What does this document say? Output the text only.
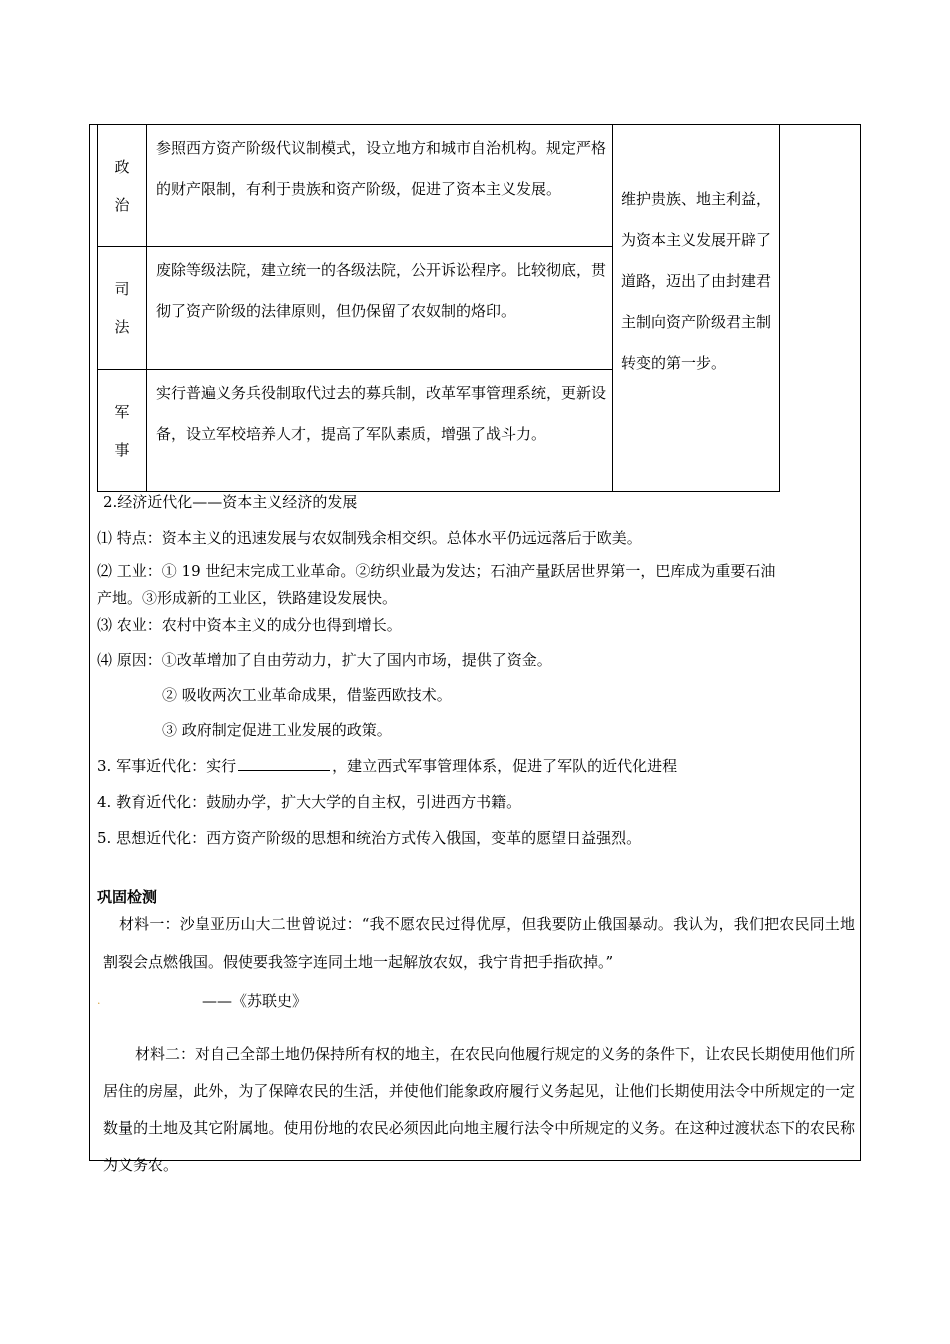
政
治	参照西方资产阶级代议制模式，设立地方和城市自治机构。规定严格的财产限制，有利于贵族和资产阶级，促进了资本主义发展。	维护贵族、地主利益，为资本主义发展开辟了道路，迈出了由封建君主制向资产阶级君主制转变的第一步。

司
法	废除等级法院，建立统一的各级法院，公开诉讼程序。比较彻底，贯彻了资产阶级的法律原则，但仍保留了农奴制的烙印。	

军
事	实行普遍义务兵役制取代过去的募兵制，改革军事管理系统，更新设备，设立军校培养人才，提高了军队素质，增强了战斗力。	
2.经济近代化——资本主义经济的发展
⑴ 特点：资本主义的迅速发展与农奴制残余相交织。总体水平仍远远落后于欧美。
⑵ 工业：① 19 世纪末完成工业革命。②纺织业最为发达；石油产量跃居世界第一，巴库成为重要石油
产地。③形成新的工业区，铁路建设发展快。
⑶ 农业：农村中资本主义的成分也得到增长。
⑷ 原因：①改革增加了自由劳动力，扩大了国内市场，提供了资金。
② 吸收两次工业革命成果，借鉴西欧技术。
③ 政府制定促进工业发展的政策。
3. 军事近代化：实行	，建立西式军事管理体系，促进了军队的近代化进程
4. 教育近代化：鼓励办学，扩大大学的自主权，引进西方书籍。
5. 思想近代化：西方资产阶级的思想和统治方式传入俄国，变革的愿望日益强烈。
巩固检测
材料一：沙皇亚历山大二世曾说过：“我不愿农民过得优厚，但我要防止俄国暴动。我认为，我们把农民同土地割裂会点燃俄国。假使要我签字连同土地一起解放农奴，我宁肯把手指砍掉。”
——《苏联史》
.
材料二：对自己全部土地仍保持所有权的地主，在农民向他履行规定的义务的条件下，让农民长期使用他们所居住的房屋，此外，为了保障农民的生活，并使他们能象政府履行义务起见，让他们长期使用法令中所规定的一定数量的土地及其它附属地。使用份地的农民必须因此向地主履行法令中所规定的义务。在这种过渡状态下的农民称为义务农。
